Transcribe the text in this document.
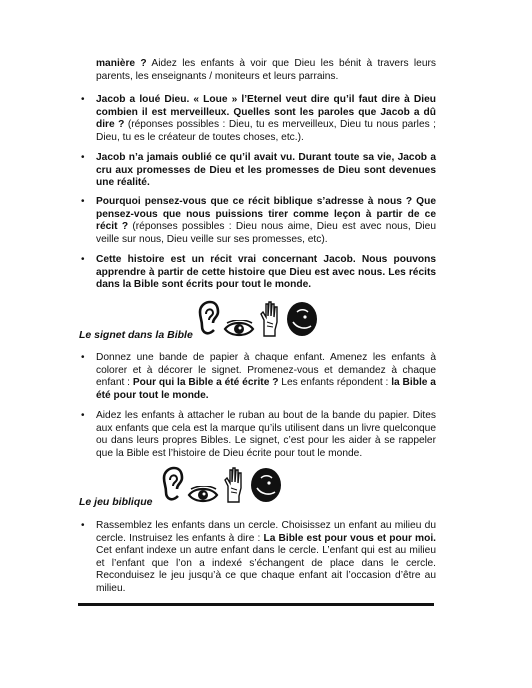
manière ? Aidez les enfants à voir que Dieu les bénit à travers leurs
parents, les enseignants / moniteurs et leurs parrains.
• Jacob a loué Dieu. « Loue » l’Eternel veut dire qu’il faut dire à Dieu
combien il est merveilleux. Quelles sont les paroles que Jacob a dû
dire ? (réponses possibles : Dieu, tu es merveilleux, Dieu tu nous parles ;
Dieu, tu es le créateur de toutes choses, etc.).
• Jacob n’a jamais oublié ce qu’il avait vu. Durant toute sa vie, Jacob a
cru aux promesses de Dieu et les promesses de Dieu sont devenues
une réalité.
• Pourquoi pensez-vous que ce récit biblique s’adresse à nous ? Que
pensez-vous que nous puissions tirer comme leçon à partir de ce
récit ? (réponses possibles : Dieu nous aime, Dieu est avec nous, Dieu
veille sur nous, Dieu veille sur ses promesses, etc).
• Cette histoire est un récit vrai concernant Jacob. Nous pouvons
apprendre à partir de cette histoire que Dieu est avec nous. Les récits
dans la Bible sont écrits pour tout le monde.
Le signet dans la Bible
• Donnez une bande de papier à chaque enfant. Amenez les enfants à
colorer et à décorer le signet. Promenez-vous et demandez à chaque
enfant : Pour qui la Bible a été écrite ? Les enfants répondent : la Bible a
été pour tout le monde.
• Aidez les enfants à attacher le ruban au bout de la bande du papier. Dites
aux enfants que cela est la marque qu’ils utilisent dans un livre quelconque
ou dans leurs propres Bibles. Le signet, c’est pour les aider à se rappeler
que la Bible est l’histoire de Dieu écrite pour tout le monde.
Le jeu biblique
• Rassemblez les enfants dans un cercle. Choisissez un enfant au milieu du
cercle. Instruisez les enfants à dire : La Bible est pour vous et pour moi.
Cet enfant indexe un autre enfant dans le cercle. L’enfant qui est au milieu
et l’enfant que l’on a indexé s’échangent de place dans le cercle.
Reconduisez le jeu jusqu’à ce que chaque enfant ait l’occasion d’être au
milieu.
